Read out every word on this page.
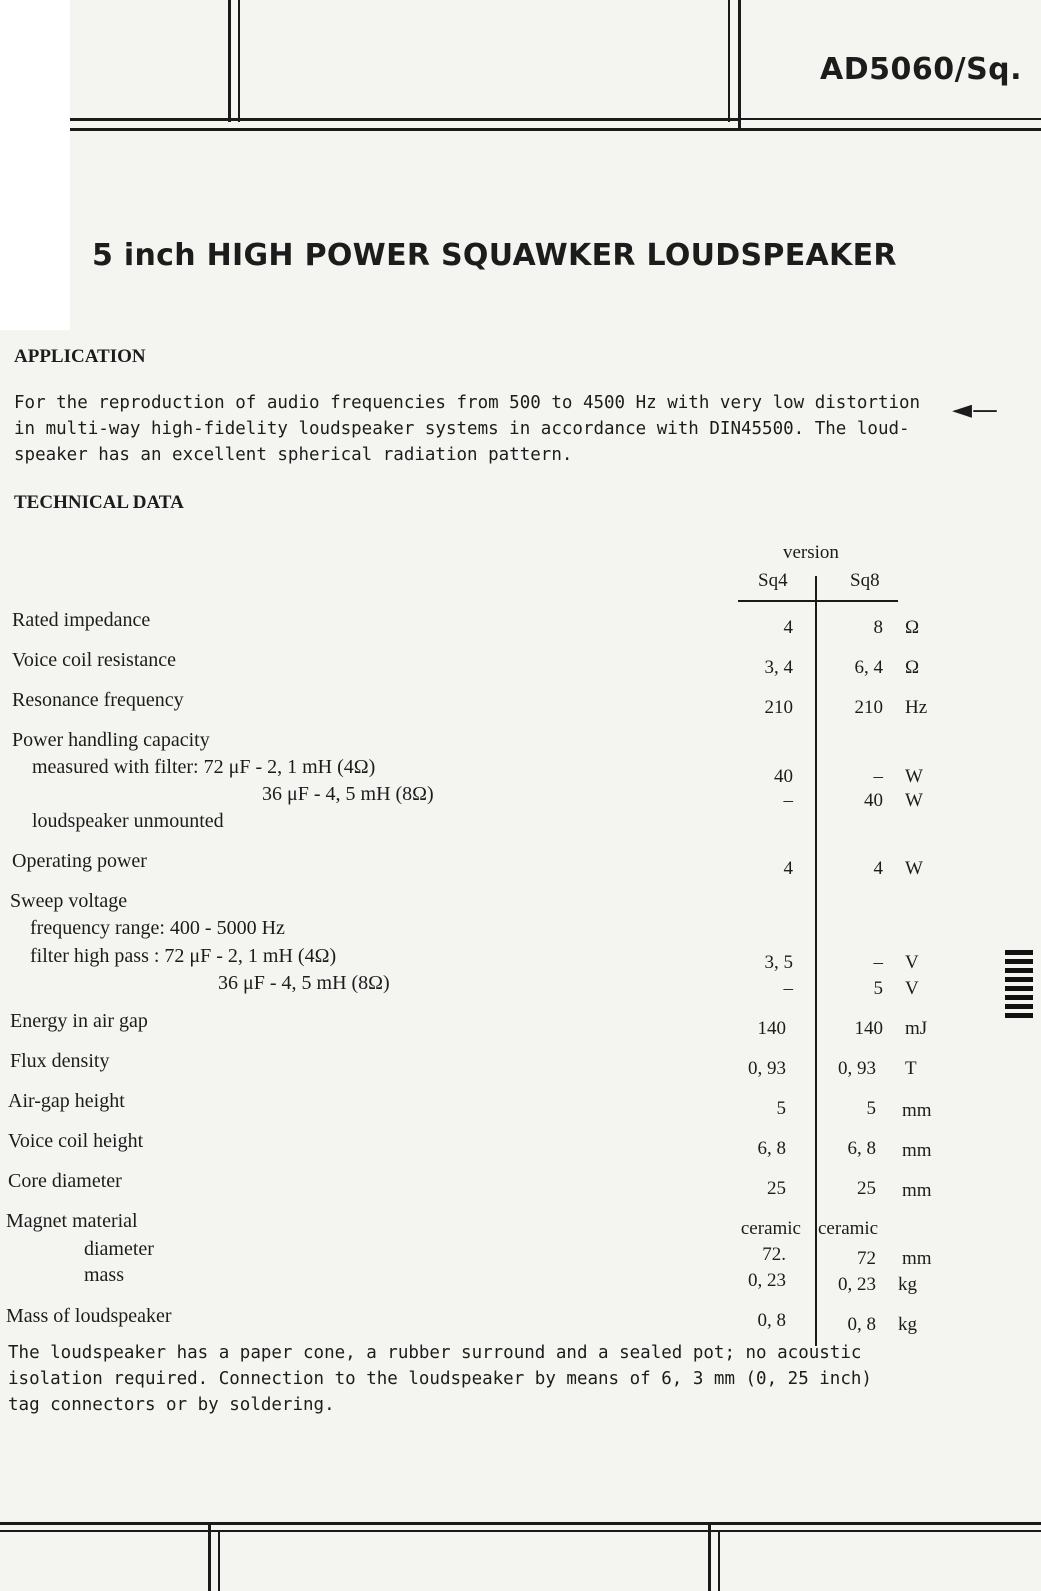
AD5060/Sq.
5 inch HIGH POWER SQUAWKER LOUDSPEAKER
APPLICATION
For the reproduction of audio frequencies from 500 to 4500 Hz with very low distortion
in multi-way high-fidelity loudspeaker systems in accordance with DIN45500. The loud-
speaker has an excellent spherical radiation pattern.
◄—
TECHNICAL DATA
version
Sq4	Sq8
Rated impedance	4	8 Ω
Voice coil resistance	3, 4	6, 4 Ω
Resonance frequency	210	210 Hz
Power handling capacity
measured with filter: 72 μF - 2, 1 mH (4Ω)	40	– W
36 μF - 4, 5 mH (8Ω)	–	40 W
loudspeaker unmounted
Operating power	4	4 W
Sweep voltage
frequency range: 400 - 5000 Hz
filter high pass : 72 μF - 2, 1 mH (4Ω)	3, 5	– V
36 μF - 4, 5 mH (8Ω)	–	5 V
Energy in air gap	140	140 mJ
Flux density	0, 93	0, 93 T
Air-gap height	5	5 mm
Voice coil height	6, 8	6, 8 mm
Core diameter	25	25 mm
Magnet material	ceramic ceramic
diameter	72.	72 mm
mass	0, 23	0, 23 kg
Mass of loudspeaker	0, 8	0, 8 kg
The loudspeaker has a paper cone, a rubber surround and a sealed pot; no acoustic
isolation required. Connection to the loudspeaker by means of 6, 3 mm (0, 25 inch)
tag connectors or by soldering.
